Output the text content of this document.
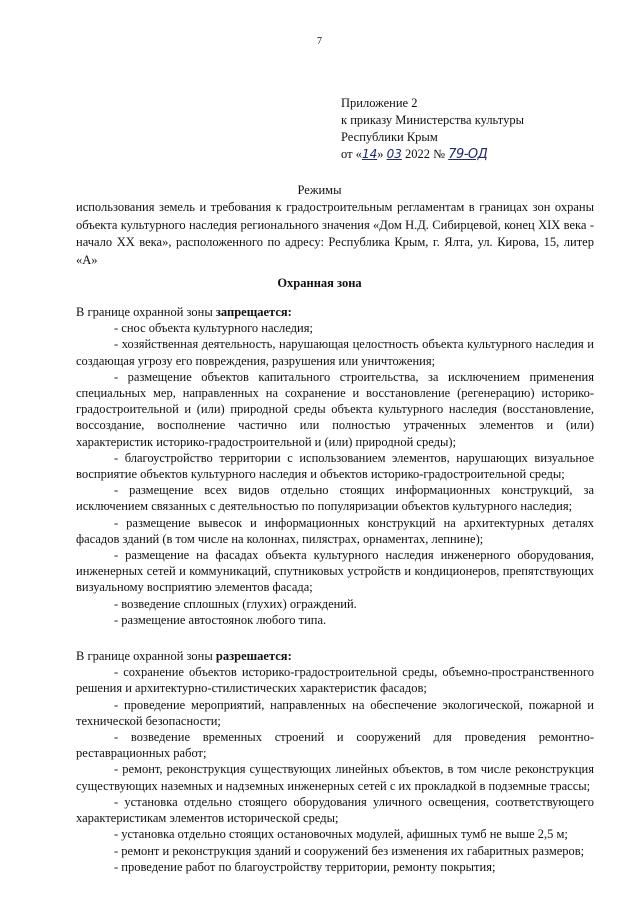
7
Приложение 2
к приказу Министерства культуры
Республики Крым
от «14» 03 2022 № 79-ОД
Режимы
использования земель и требования к градостроительным регламентам в границах зон охраны объекта культурного наследия регионального значения «Дом Н.Д. Сибирцевой, конец XIX века - начало XX века», расположенного по адресу: Республика Крым, г. Ялта, ул. Кирова, 15, литер «А»
Охранная зона

В границе охранной зоны запрещается:

- снос объекта культурного наследия;

- хозяйственная деятельность, нарушающая целостность объекта культурного наследия и создающая угрозу его повреждения, разрушения или уничтожения;

- размещение объектов капитального строительства, за исключением применения специальных мер, направленных на сохранение и восстановление (регенерацию) историко-градостроительной и (или) природной среды объекта культурного наследия (восстановление, воссоздание, восполнение частично или полностью утраченных элементов и (или) характеристик историко-градостроительной и (или) природной среды);

- благоустройство территории с использованием элементов, нарушающих визуальное восприятие объектов культурного наследия и объектов историко-градостроительной среды;

- размещение всех видов отдельно стоящих информационных конструкций, за исключением связанных с деятельностью по популяризации объектов культурного наследия;

- размещение вывесок и информационных конструкций на архитектурных деталях фасадов зданий (в том числе на колоннах, пилястрах, орнаментах, лепнине);

- размещение на фасадах объекта культурного наследия инженерного оборудования, инженерных сетей и коммуникаций, спутниковых устройств и кондиционеров, препятствующих визуальному восприятию элементов фасада;

- возведение сплошных (глухих) ограждений.

- размещение автостоянок любого типа.

В границе охранной зоны разрешается:

- сохранение объектов историко-градостроительной среды, объемно-пространственного решения и архитектурно-стилистических характеристик фасадов;

- проведение мероприятий, направленных на обеспечение экологической, пожарной и технической безопасности;

- возведение временных строений и сооружений для проведения ремонтно-реставрационных работ;

- ремонт, реконструкция существующих линейных объектов, в том числе реконструкция существующих наземных и надземных инженерных сетей с их прокладкой в подземные трассы;

- установка отдельно стоящего оборудования уличного освещения, соответствующего характеристикам элементов исторической среды;

- установка отдельно стоящих остановочных модулей, афишных тумб не выше 2,5 м;

- ремонт и реконструкция зданий и сооружений без изменения их габаритных размеров;

- проведение работ по благоустройству территории, ремонту покрытия;
